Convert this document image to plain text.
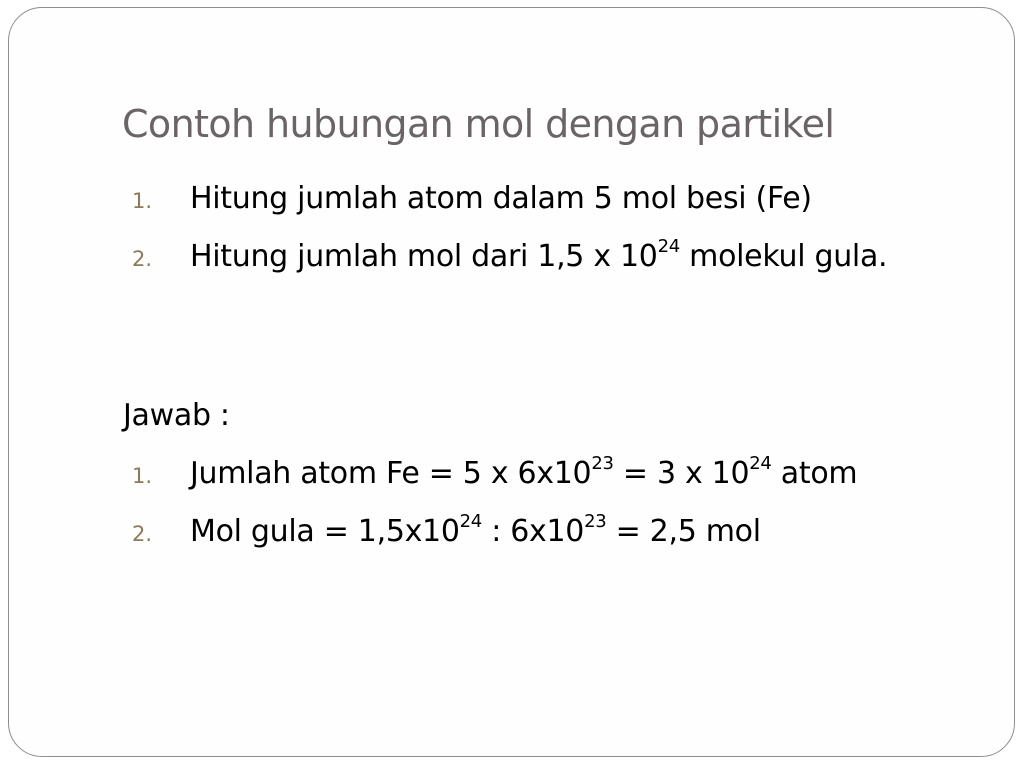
Contoh hubungan mol dengan partikel
1. Hitung jumlah atom dalam 5 mol besi (Fe)
2. Hitung jumlah mol dari 1,5 x $10^{24}$ molekul gula.
Jawab :
1. Jumlah atom Fe = 5 x $6x10^{23} = 3$ x $10^{24}$ atom
2. Mol gula = $1,5x10^{24}$ : $6x10^{23} = 2,5$ mol
